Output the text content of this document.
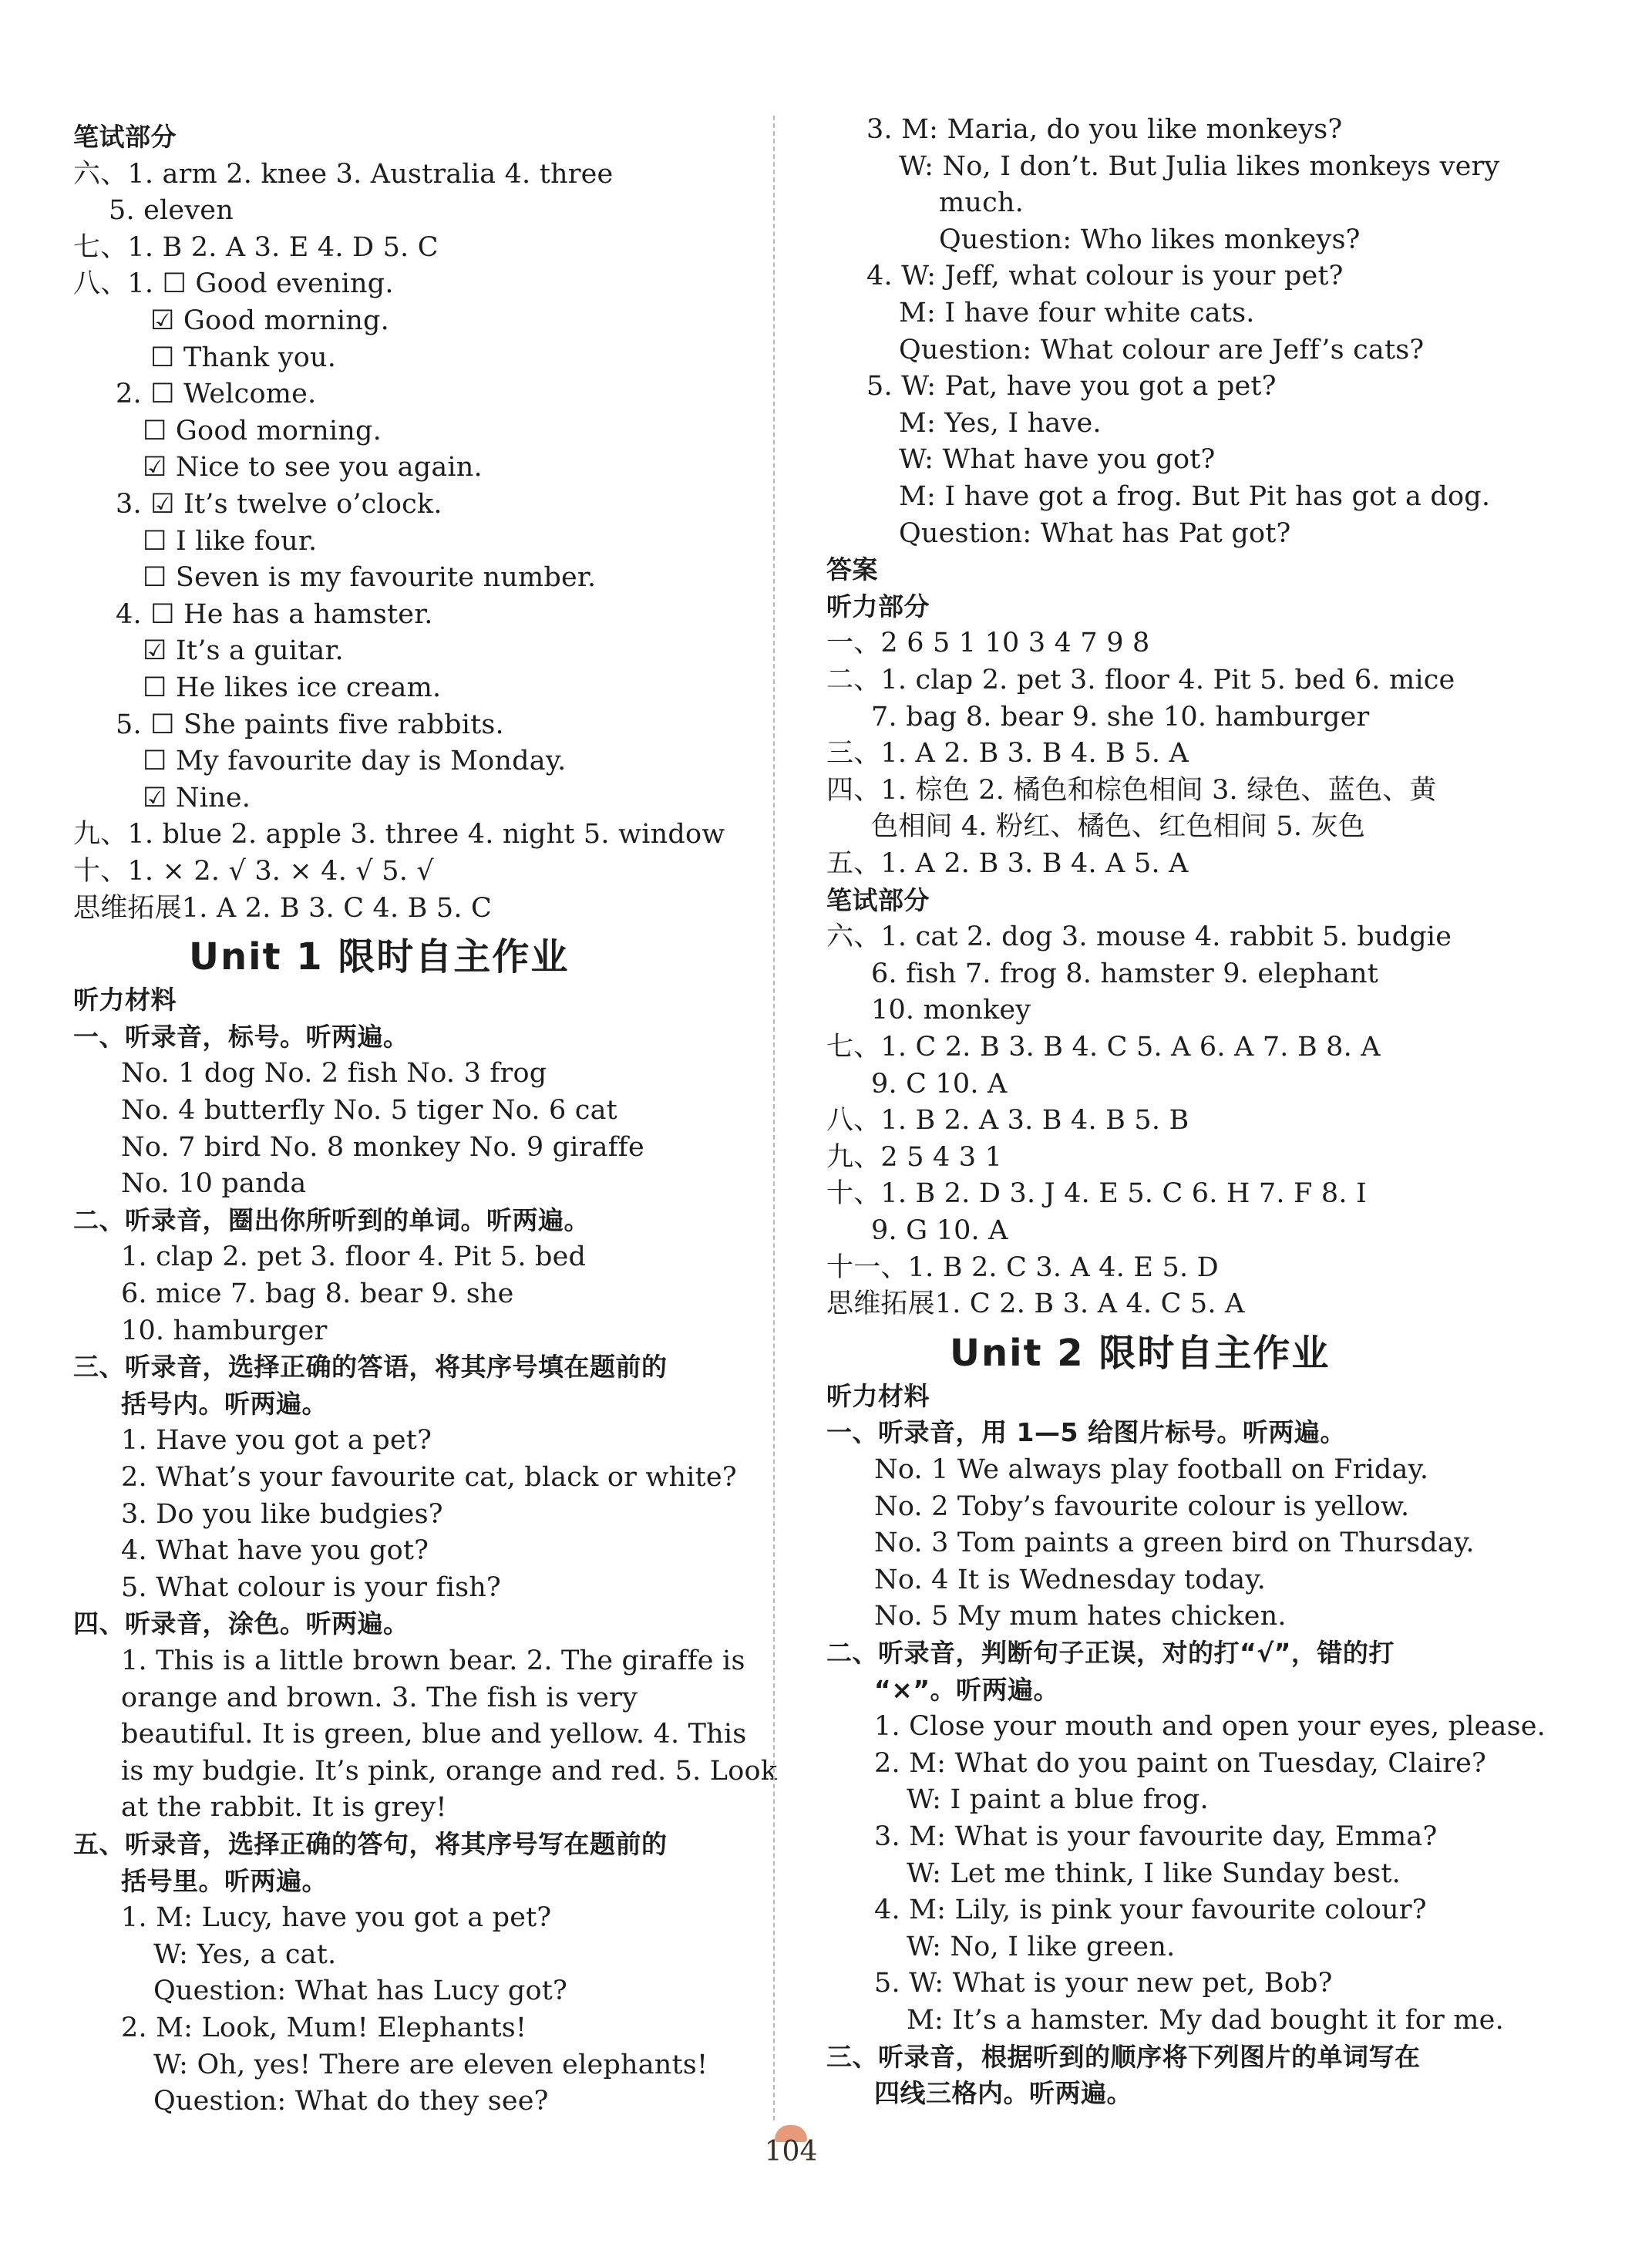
笔试部分
六、1. arm 2. knee 3. Australia 4. three
5. eleven
七、1. B 2. A 3. E 4. D 5. C
八、1. ☐ Good evening.
☑ Good morning.
☐ Thank you.
2. ☐ Welcome.
☐ Good morning.
☑ Nice to see you again.
3. ☑ It’s twelve o’clock.
☐ I like four.
☐ Seven is my favourite number.
4. ☐ He has a hamster.
☑ It’s a guitar.
☐ He likes ice cream.
5. ☐ She paints five rabbits.
☐ My favourite day is Monday.
☑ Nine.
九、1. blue 2. apple 3. three 4. night 5. window
十、1. × 2. √ 3. × 4. √ 5. √
思维拓展1. A 2. B 3. C 4. B 5. C
Unit 1 限时自主作业
听力材料
一、听录音，标号。听两遍。
No. 1 dog No. 2 fish No. 3 frog
No. 4 butterfly No. 5 tiger No. 6 cat
No. 7 bird No. 8 monkey No. 9 giraffe
No. 10 panda
二、听录音，圈出你所听到的单词。听两遍。
1. clap 2. pet 3. floor 4. Pit 5. bed
6. mice 7. bag 8. bear 9. she
10. hamburger
三、听录音，选择正确的答语，将其序号填在题前的
括号内。听两遍。
1. Have you got a pet?
2. What’s your favourite cat, black or white?
3. Do you like budgies?
4. What have you got?
5. What colour is your fish?
四、听录音，涂色。听两遍。
1. This is a little brown bear. 2. The giraffe is
orange and brown. 3. The fish is very
beautiful. It is green, blue and yellow. 4. This
is my budgie. It’s pink, orange and red. 5. Look
at the rabbit. It is grey!
五、听录音，选择正确的答句，将其序号写在题前的
括号里。听两遍。
1. M: Lucy, have you got a pet?
W: Yes, a cat.
Question: What has Lucy got?
2. M: Look, Mum! Elephants!
W: Oh, yes! There are eleven elephants!
Question: What do they see?
3. M: Maria, do you like monkeys?
W: No, I don’t. But Julia likes monkeys very
much.
Question: Who likes monkeys?
4. W: Jeff, what colour is your pet?
M: I have four white cats.
Question: What colour are Jeff’s cats?
5. W: Pat, have you got a pet?
M: Yes, I have.
W: What have you got?
M: I have got a frog. But Pit has got a dog.
Question: What has Pat got?
答案
听力部分
一、2 6 5 1 10 3 4 7 9 8
二、1. clap 2. pet 3. floor 4. Pit 5. bed 6. mice
7. bag 8. bear 9. she 10. hamburger
三、1. A 2. B 3. B 4. B 5. A
四、1. 棕色 2. 橘色和棕色相间 3. 绿色、蓝色、黄
色相间 4. 粉红、橘色、红色相间 5. 灰色
五、1. A 2. B 3. B 4. A 5. A
笔试部分
六、1. cat 2. dog 3. mouse 4. rabbit 5. budgie
6. fish 7. frog 8. hamster 9. elephant
10. monkey
七、1. C 2. B 3. B 4. C 5. A 6. A 7. B 8. A
9. C 10. A
八、1. B 2. A 3. B 4. B 5. B
九、2 5 4 3 1
十、1. B 2. D 3. J 4. E 5. C 6. H 7. F 8. I
9. G 10. A
十一、1. B 2. C 3. A 4. E 5. D
思维拓展1. C 2. B 3. A 4. C 5. A
Unit 2 限时自主作业
听力材料
一、听录音，用 1—5 给图片标号。听两遍。
No. 1 We always play football on Friday.
No. 2 Toby’s favourite colour is yellow.
No. 3 Tom paints a green bird on Thursday.
No. 4 It is Wednesday today.
No. 5 My mum hates chicken.
二、听录音，判断句子正误，对的打“√”，错的打
“×”。听两遍。
1. Close your mouth and open your eyes, please.
2. M: What do you paint on Tuesday, Claire?
W: I paint a blue frog.
3. M: What is your favourite day, Emma?
W: Let me think, I like Sunday best.
4. M: Lily, is pink your favourite colour?
W: No, I like green.
5. W: What is your new pet, Bob?
M: It’s a hamster. My dad bought it for me.
三、听录音，根据听到的顺序将下列图片的单词写在
四线三格内。听两遍。
104
